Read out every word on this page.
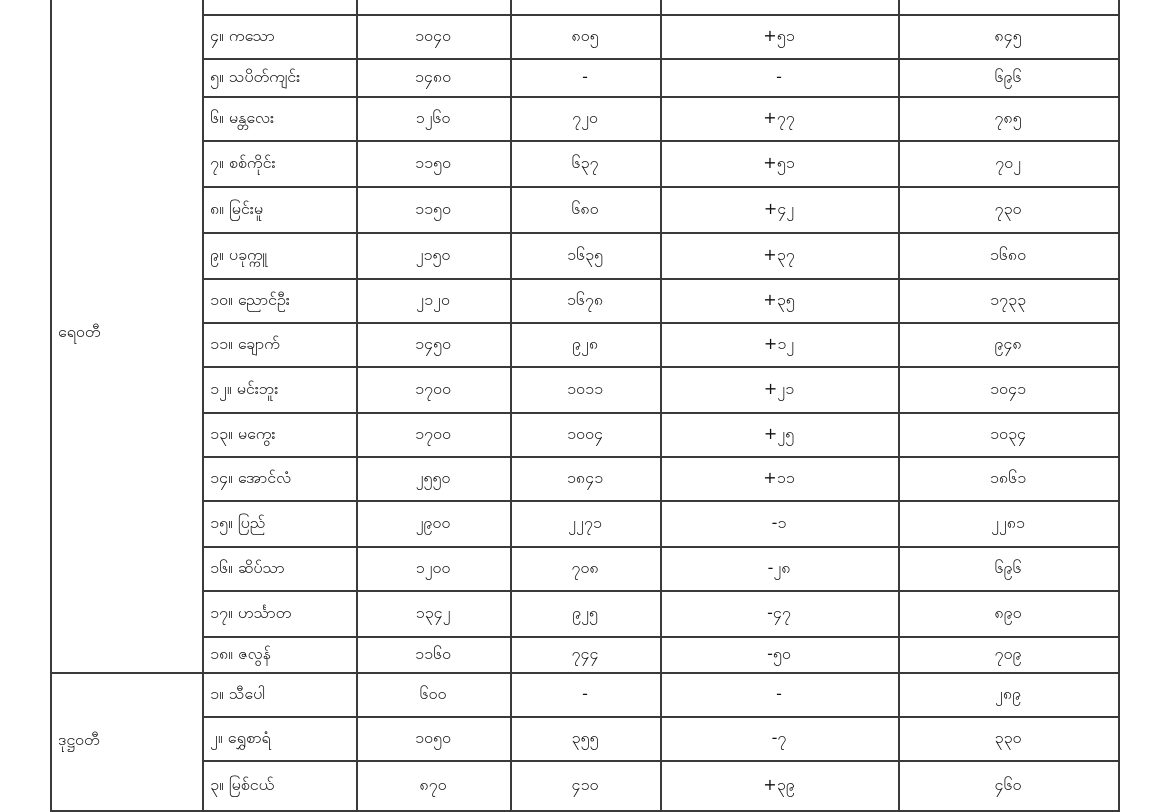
ရေဝတီ
၄။ ကသော	၁၀၄၀	၈၀၅	+၅၁	၈၄၅
၅။ သပိတ်ကျင်း	၁၄၈၀	-	-	၆၉၆
၆။ မန္တလေး	၁၂၆၀	၇၂၀	+၇၇	၇၈၅
၇။ စစ်ကိုင်း	၁၁၅၀	၆၃၇	+၅၁	၇၀၂
၈။ မြင်းမူ	၁၁၅၀	၆၈၀	+၄၂	၇၃၀
၉။ ပခုက္ကူ	၂၁၅၀	၁၆၃၅	+၃၇	၁၆၈၀
၁၀။ ညောင်ဦး	၂၁၂၀	၁၆၇၈	+၃၅	၁၇၃၃
၁၁။ ချောက်	၁၄၅၀	၉၂၈	+၁၂	၉၄၈
၁၂။ မင်းဘူး	၁၇၀၀	၁၀၁၁	+၂၁	၁၀၄၁
၁၃။ မကွေး	၁၇၀၀	၁၀၀၄	+၂၅	၁၀၃၄
၁၄။ အောင်လံ	၂၅၅၀	၁၈၄၁	+၁၁	၁၈၆၁
၁၅။ ပြည်	၂၉၀၀	၂၂၇၁	-၁	၂၂၈၁
၁၆။ ဆိပ်သာ	၁၂၀၀	၇၀၈	-၂၈	၆၉၆
၁၇။ ဟင်္သာတ	၁၃၄၂	၉၂၅	-၄၇	၈၉၀
၁၈။ ဇလွန်	၁၁၆၀	၇၄၄	-၅၀	၇၀၉
ဒုဋ္ဌဝတီ
၁။ သီပေါ	၆၀၀	-	-	၂၈၉
၂။ ရွှေစာရံ	၁၀၅၀	၃၅၅	-၇	၃၃၀
၃။ မြစ်ငယ်	၈၇၀	၄၁၀	+၃၉	၄၆၀
